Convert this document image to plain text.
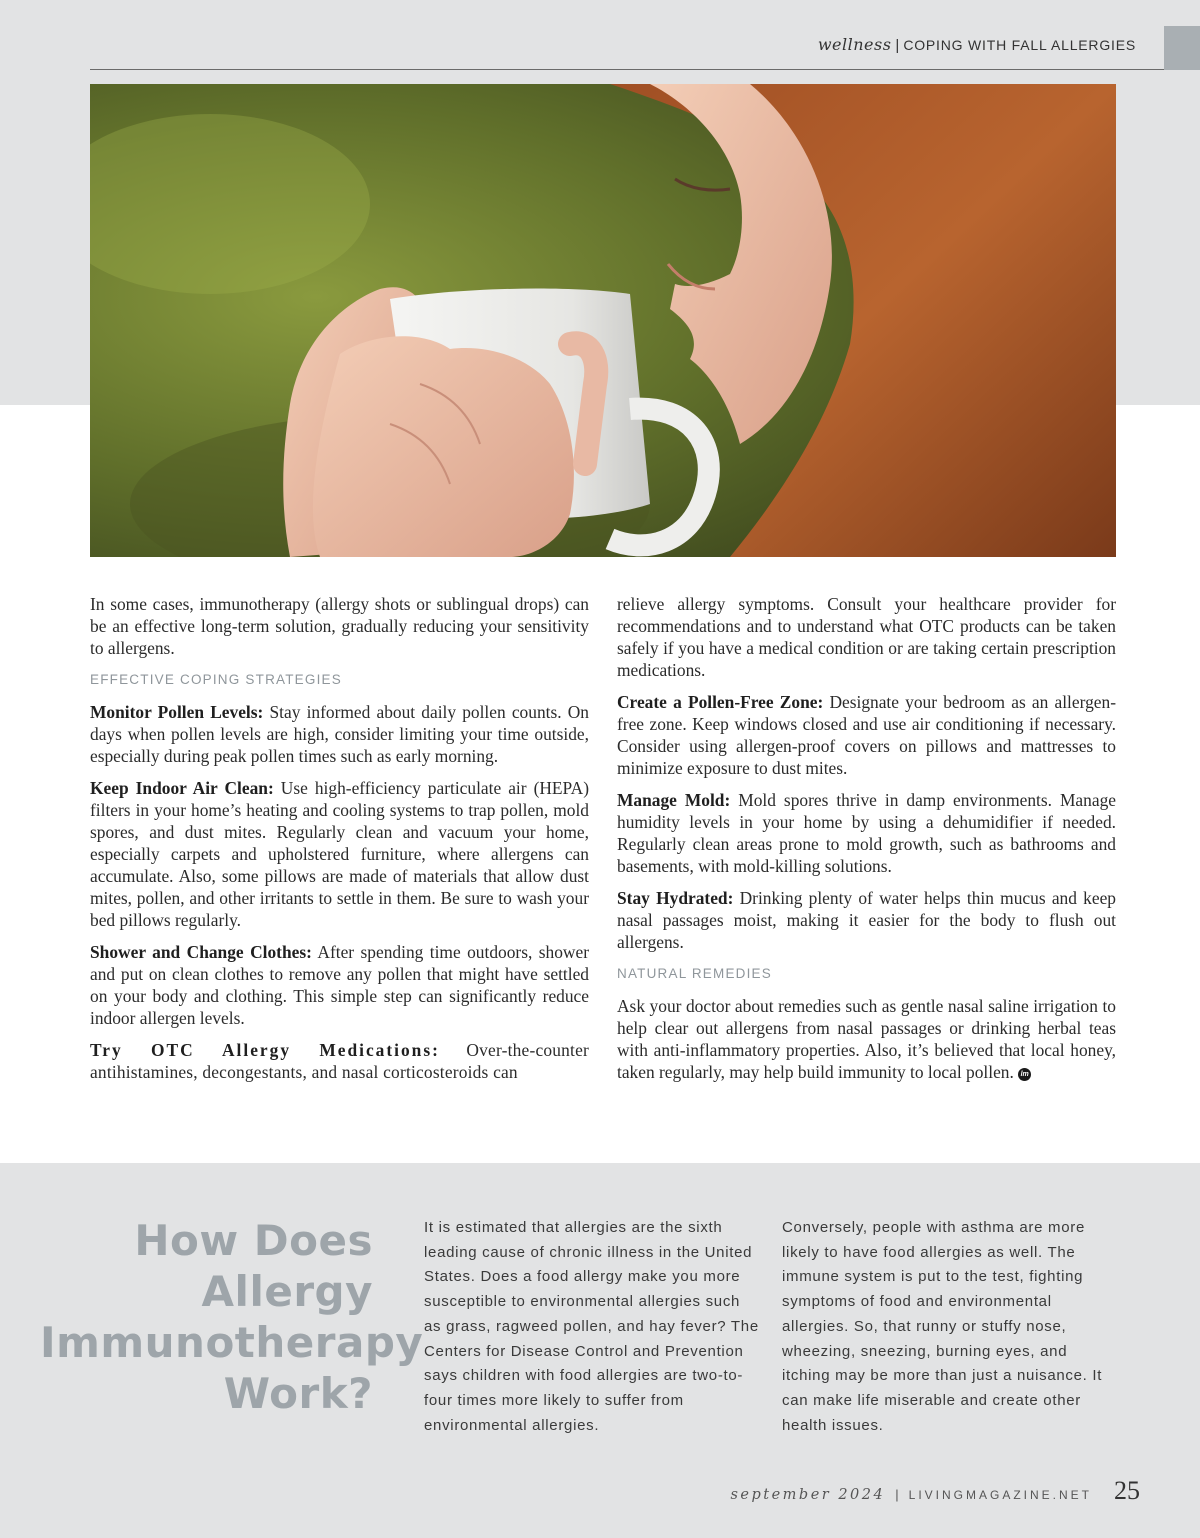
wellness | COPING WITH FALL ALLERGIES

In some cases, immunotherapy (allergy shots or sublingual drops) can be an effective long-term solution, gradually reducing your sensitivity to allergens.

EFFECTIVE COPING STRATEGIES

Monitor Pollen Levels: Stay informed about daily pollen counts. On days when pollen levels are high, consider limiting your time outside, especially during peak pollen times such as early morning.

Keep Indoor Air Clean: Use high-efficiency particulate air (HEPA) filters in your home’s heating and cooling systems to trap pollen, mold spores, and dust mites. Regularly clean and vacuum your home, especially carpets and upholstered furniture, where allergens can accumulate. Also, some pillows are made of materials that allow dust mites, pollen, and other irritants to settle in them. Be sure to wash your bed pillows regularly.

Shower and Change Clothes: After spending time outdoors, shower and put on clean clothes to remove any pollen that might have settled on your body and clothing. This simple step can significantly reduce indoor allergen levels.

Try OTC Allergy Medications: Over-the-counter antihistamines, decongestants, and nasal corticosteroids can

relieve allergy symptoms. Consult your healthcare provider for recommendations and to understand what OTC products can be taken safely if you have a medical condition or are taking certain prescription medications.

Create a Pollen-Free Zone: Designate your bedroom as an allergen-free zone. Keep windows closed and use air conditioning if necessary. Consider using allergen-proof covers on pillows and mattresses to minimize exposure to dust mites.

Manage Mold: Mold spores thrive in damp environments. Manage humidity levels in your home by using a dehumidifier if needed. Regularly clean areas prone to mold growth, such as bathrooms and basements, with mold-killing solutions.

Stay Hydrated: Drinking plenty of water helps thin mucus and keep nasal passages moist, making it easier for the body to flush out allergens.

NATURAL REMEDIES

Ask your doctor about remedies such as gentle nasal saline irrigation to help clear out allergens from nasal passages or drinking herbal teas with anti-inflammatory properties. Also, it’s believed that local honey, taken regularly, may help build immunity to local pollen. lm

How Does
Allergy
Immunotherapy
Work?
It is estimated that allergies are the sixth leading cause of chronic illness in the United States. Does a food allergy make you more susceptible to environmental allergies such as grass, ragweed pollen, and hay fever? The Centers for Disease Control and Prevention says children with food allergies are two-to-four times more likely to suffer from environmental allergies.
Conversely, people with asthma are more likely to have food allergies as well. The immune system is put to the test, fighting symptoms of food and environmental allergies. So, that runny or stuffy nose, wheezing, sneezing, burning eyes, and itching may be more than just a nuisance. It can make life miserable and create other health issues.
september 2024 | LIVINGMAGAZINE.NET 25
